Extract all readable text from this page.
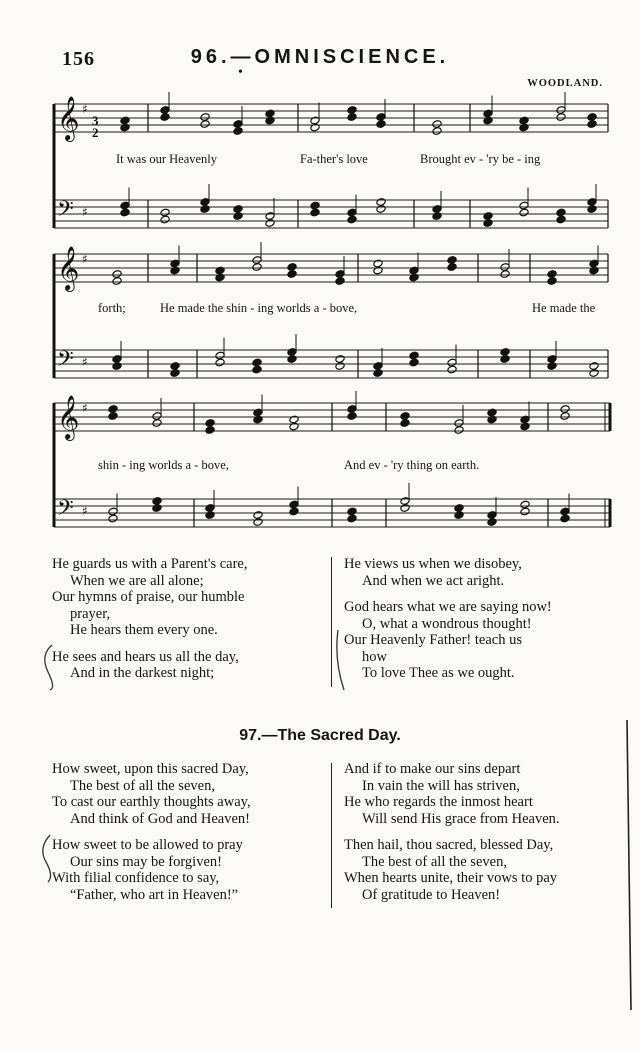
156	96.—OMNISCIENCE.
•
WOODLAND.
𝄞 ♯
3
2
𝄢 ♯
𝄞 ♯
𝄢 ♯
𝄞 ♯
𝄢 ♯
It was our Heavenly	Fa-ther's love	Brought ev - 'ry be - ing
forth;	He made the shin - ing worlds a - bove,	He made the
shin - ing worlds a - bove,	And ev - 'ry thing on earth.
He guards us with a Parent's care,
When we are all alone;
Our hymns of praise, our humble
prayer,
He hears them every one.
He sees and hears us all the day,
And in the darkest night;
He views us when we disobey,
And when we act aright.
God hears what we are saying now!
O, what a wondrous thought!
Our Heavenly Father! teach us
how
To love Thee as we ought.
97.—The Sacred Day.
How sweet, upon this sacred Day,
The best of all the seven,
To cast our earthly thoughts away,
And think of God and Heaven!
How sweet to be allowed to pray
Our sins may be forgiven!
With filial confidence to say,
“Father, who art in Heaven!”
And if to make our sins depart
In vain the will has striven,
He who regards the inmost heart
Will send His grace from Heaven.
Then hail, thou sacred, blessed Day,
The best of all the seven,
When hearts unite, their vows to pay
Of gratitude to Heaven!
